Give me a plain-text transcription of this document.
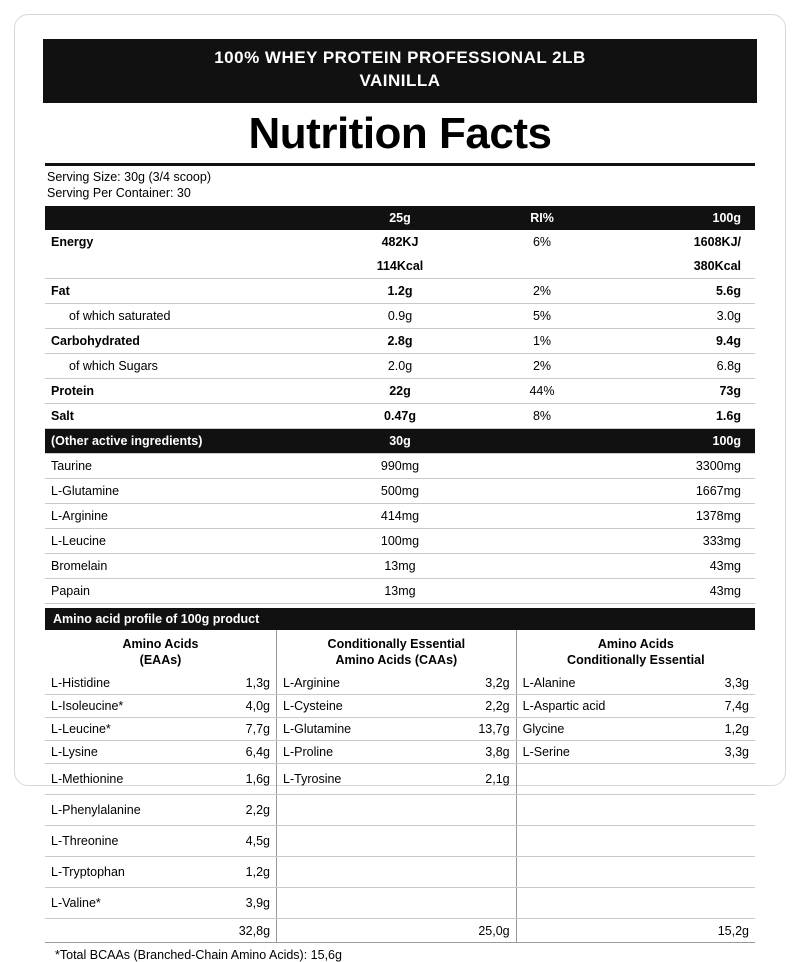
100% WHEY PROTEIN PROFESSIONAL 2LB
VAINILLA
Nutrition Facts
Serving Size: 30g (3/4 scoop)
Serving Per Container: 30
	25g	RI%	100g
Energy	482KJ	6%	1608KJ/
	114Kcal		380Kcal
Fat	1.2g	2%	5.6g
of which saturated	0.9g	5%	3.0g
Carbohydrated	2.8g	1%	9.4g
of which Sugars	2.0g	2%	6.8g
Protein	22g	44%	73g
Salt	0.47g	8%	1.6g
(Other active ingredients)	30g		100g
Taurine	990mg		3300mg
L-Glutamine	500mg		1667mg
L-Arginine	414mg		1378mg
L-Leucine	100mg		333mg
Bromelain	13mg		43mg
Papain	13mg		43mg
Amino acid profile of 100g product
Amino Acids
(EAAs)

Conditionally Essential
Amino Acids (CAAs)

Amino Acids
Conditionally Essential

L-Histidine	1,3g	L-Arginine	3,2g	L-Alanine	3,3g
L-Isoleucine*	4,0g	L-Cysteine	2,2g	L-Aspartic acid	7,4g
L-Leucine*	7,7g	L-Glutamine	13,7g	Glycine	1,2g
L-Lysine	6,4g	L-Proline	3,8g	L-Serine	3,3g
L-Methionine	1,6g	L-Tyrosine	2,1g		
L-Phenylalanine	2,2g				
L-Threonine	4,5g				
L-Tryptophan	1,2g				
L-Valine*	3,9g				
	32,8g		25,0g		15,2g
*Total BCAAs (Branched-Chain Amino Acids): 15,6g
